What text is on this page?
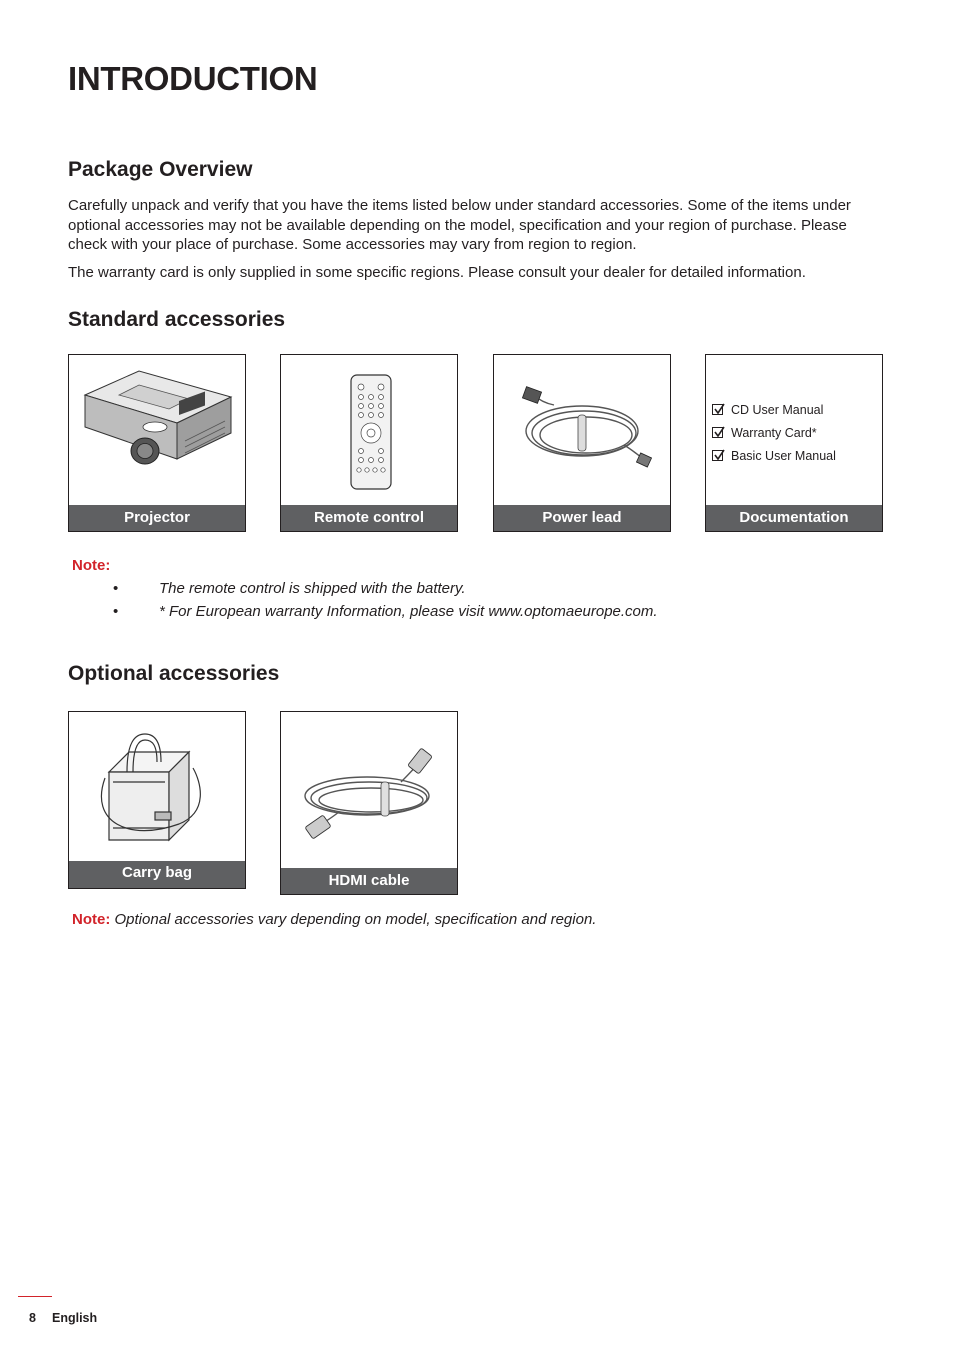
INTRODUCTION
Package Overview

Carefully unpack and verify that you have the items listed below under standard accessories. Some of the items under optional accessories may not be available depending on the model, specification and your region of purchase. Please check with your place of purchase. Some accessories may vary from region to region.

The warranty card is only supplied in some specific regions. Please consult your dealer for detailed information.

Standard accessories
Projector	Remote control	Power lead
CD User Manual
Warranty Card*
Basic User Manual
Documentation
Note:
•	The remote control is shipped with the battery.
•	* For European warranty Information, please visit www.optomaeurope.com.
Optional accessories
Carry bag	HDMI cable
Note: Optional accessories vary depending on model, specification and region.
8 English
